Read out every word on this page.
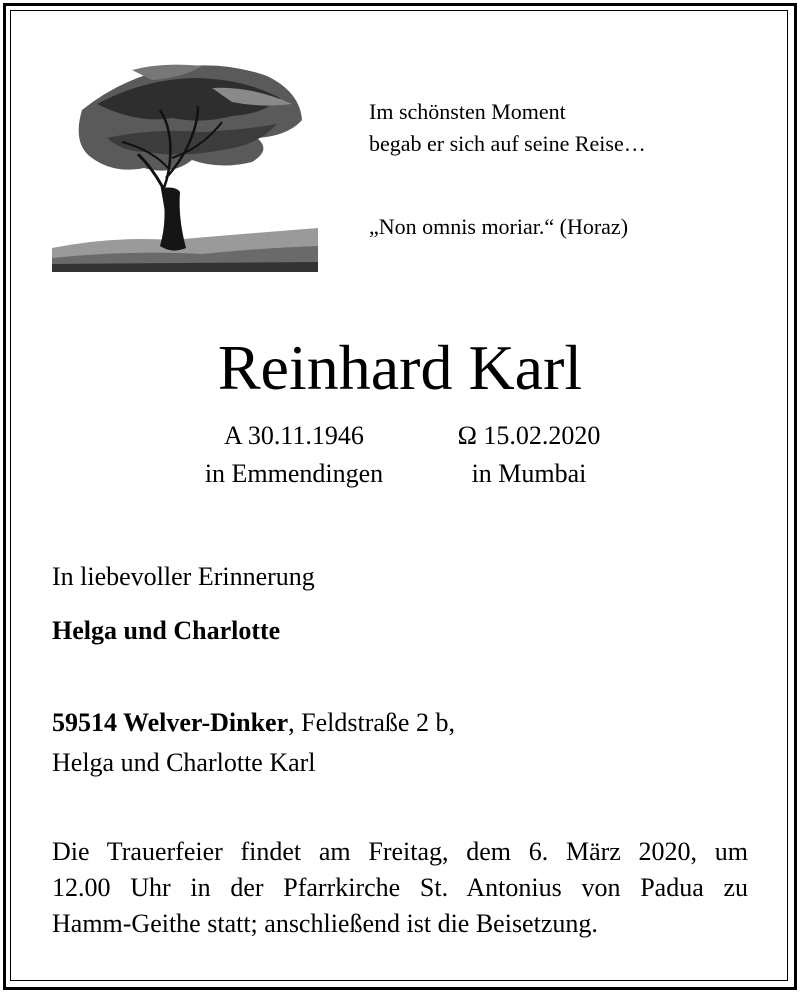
Im schönsten Moment
begab er sich auf seine Reise…
„Non omnis moriar.“ (Horaz)
Reinhard Karl
A 30.11.1946	Ω 15.02.2020
in Emmendingen	in Mumbai
In liebevoller Erinnerung
Helga und Charlotte
59514 Welver-Dinker, Feldstraße 2 b,
Helga und Charlotte Karl
Die Trauerfeier findet am Freitag, dem 6. März 2020, um
12.00 Uhr in der Pfarrkirche St. Antonius von Padua zu
Hamm-Geithe statt; anschließend ist die Beisetzung.
